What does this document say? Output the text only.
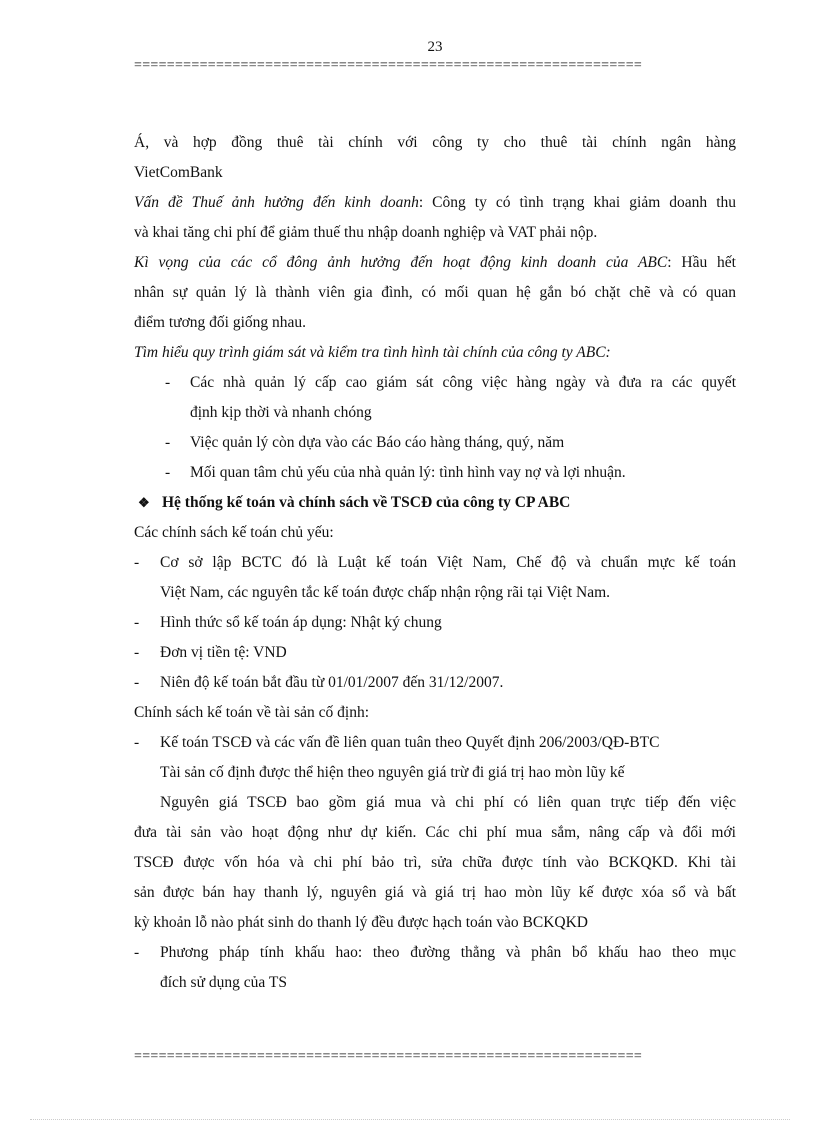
23
==============================================================
Á, và hợp đồng thuê tài chính với công ty cho thuê tài chính ngân hàng
VietComBank
Vấn đề Thuế ảnh hưởng đến kinh doanh: Công ty có tình trạng khai giảm doanh thu
và khai tăng chi phí để giảm thuế thu nhập doanh nghiệp và VAT phải nộp.
Kì vọng của các cổ đông ảnh hưởng đến hoạt động kinh doanh của ABC: Hầu hết
nhân sự quản lý là thành viên gia đình, có mối quan hệ gắn bó chặt chẽ và có quan
điểm tương đối giống nhau.
Tìm hiểu quy trình giám sát và kiểm tra tình hình tài chính của công ty ABC:
- Các nhà quản lý cấp cao giám sát công việc hàng ngày và đưa ra các quyết
định kịp thời và nhanh chóng
- Việc quản lý còn dựa vào các Báo cáo hàng tháng, quý, năm
- Mối quan tâm chủ yếu của nhà quản lý: tình hình vay nợ và lợi nhuận.
❖ Hệ thống kế toán và chính sách về TSCĐ của công ty CP ABC
Các chính sách kế toán chủ yếu:
- Cơ sở lập BCTC đó là Luật kế toán Việt Nam, Chế độ và chuẩn mực kế toán
Việt Nam, các nguyên tắc kế toán được chấp nhận rộng rãi tại Việt Nam.
- Hình thức sổ kế toán áp dụng: Nhật ký chung
- Đơn vị tiền tệ: VND
- Niên độ kế toán bắt đầu từ 01/01/2007 đến 31/12/2007.
Chính sách kế toán về tài sản cố định:
- Kế toán TSCĐ và các vấn đề liên quan tuân theo Quyết định 206/2003/QĐ-BTC
Tài sản cố định được thể hiện theo nguyên giá trừ đi giá trị hao mòn lũy kế
Nguyên giá TSCĐ bao gồm giá mua và chi phí có liên quan trực tiếp đến việc
đưa tài sản vào hoạt động như dự kiến. Các chi phí mua sắm, nâng cấp và đổi mới
TSCĐ được vốn hóa và chi phí bảo trì, sửa chữa được tính vào BCKQKD. Khi tài
sản được bán hay thanh lý, nguyên giá và giá trị hao mòn lũy kế được xóa sổ và bất
kỳ khoản lỗ nào phát sinh do thanh lý đều được hạch toán vào BCKQKD
- Phương pháp tính khấu hao: theo đường thẳng và phân bổ khấu hao theo mục
đích sử dụng của TS
==============================================================
